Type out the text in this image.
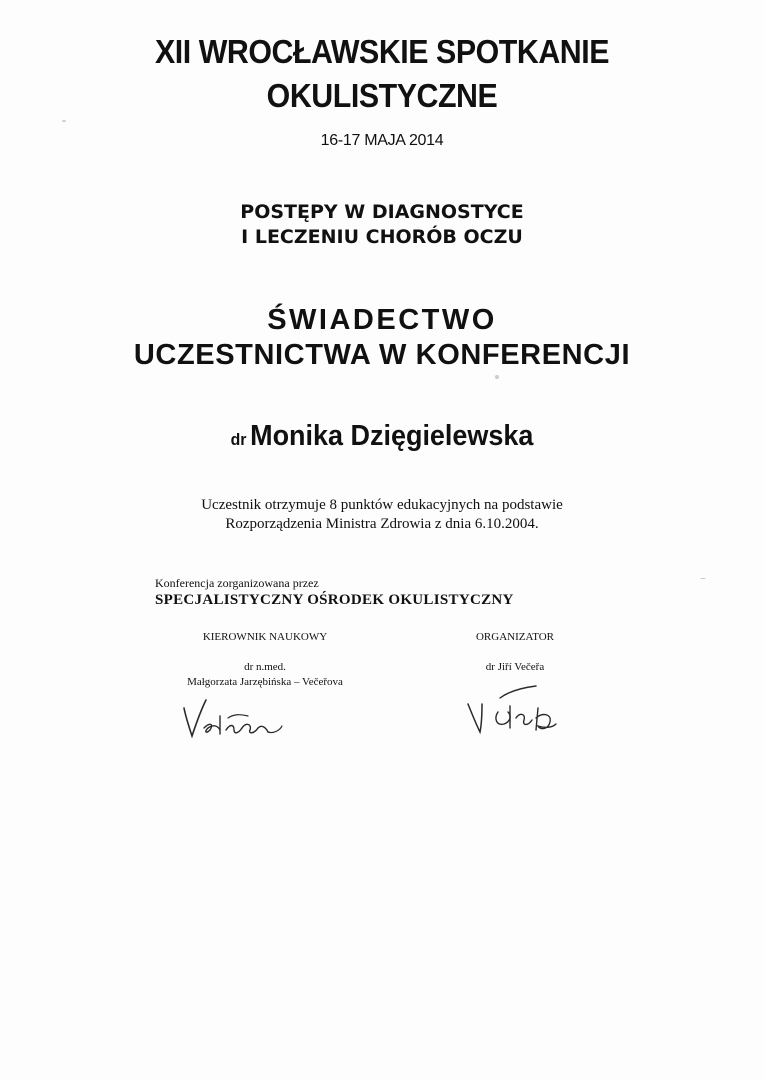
XII WROCŁAWSKIE SPOTKANIE
OKULISTYCZNE
16-17 MAJA 2014
POSTĘPY W DIAGNOSTYCE
I LECZENIU CHORÓB OCZU
ŚWIADECTWO
UCZESTNICTWA W KONFERENCJI
dr Monika Dzięgielewska
Uczestnik otrzymuje 8 punktów edukacyjnych na podstawie
Rozporządzenia Ministra Zdrowia z dnia 6.10.2004.
Konferencja zorganizowana przez
SPECJALISTYCZNY OŚRODEK OKULISTYCZNY
KIEROWNIK NAUKOWY
dr n.med.
Małgorzata Jarzębińska – Večeřova
ORGANIZATOR
dr Jiří Večeřa
